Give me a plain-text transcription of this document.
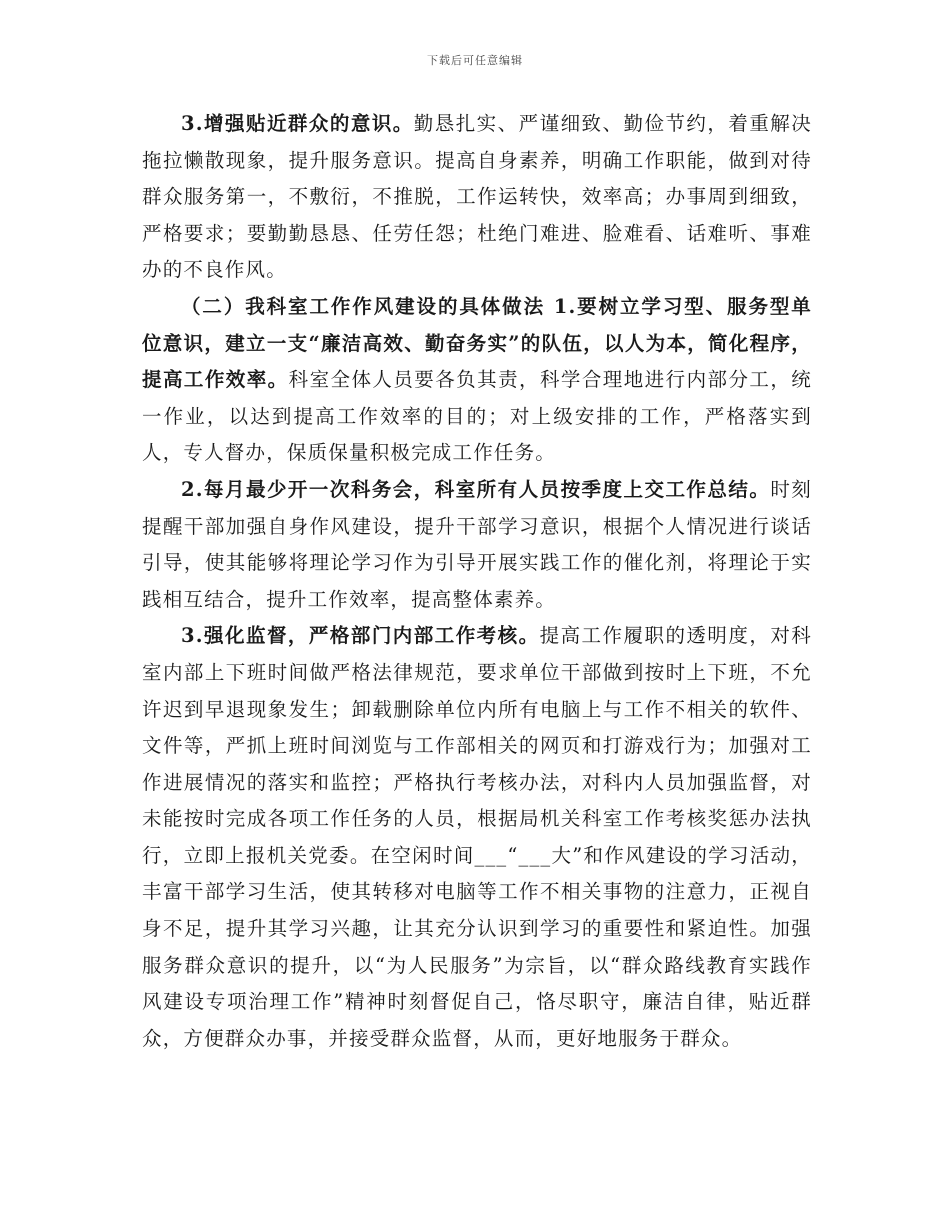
下载后可任意编辑

3.增强贴近群众的意识。勤恳扎实、严谨细致、勤俭节约，着重解决拖拉懒散现象，提升服务意识。提高自身素养，明确工作职能，做到对待群众服务第一，不敷衍，不推脱，工作运转快，效率高；办事周到细致，严格要求；要勤勤恳恳、任劳任怨；杜绝门难进、脸难看、话难听、事难办的不良作风。

（二）我科室工作作风建设的具体做法 1.要树立学习型、服务型单位意识，建立一支“廉洁高效、勤奋务实”的队伍，以人为本，简化程序，提高工作效率。科室全体人员要各负其责，科学合理地进行内部分工，统一作业，以达到提高工作效率的目的；对上级安排的工作，严格落实到人，专人督办，保质保量积极完成工作任务。

2.每月最少开一次科务会，科室所有人员按季度上交工作总结。时刻提醒干部加强自身作风建设，提升干部学习意识，根据个人情况进行谈话引导，使其能够将理论学习作为引导开展实践工作的催化剂，将理论于实践相互结合，提升工作效率，提高整体素养。

3.强化监督，严格部门内部工作考核。提高工作履职的透明度，对科室内部上下班时间做严格法律规范，要求单位干部做到按时上下班，不允许迟到早退现象发生；卸载删除单位内所有电脑上与工作不相关的软件、文件等，严抓上班时间浏览与工作部相关的网页和打游戏行为；加强对工作进展情况的落实和监控；严格执行考核办法，对科内人员加强监督，对未能按时完成各项工作任务的人员，根据局机关科室工作考核奖惩办法执行，立即上报机关党委。在空闲时间___“___大”和作风建设的学习活动，丰富干部学习生活，使其转移对电脑等工作不相关事物的注意力，正视自身不足，提升其学习兴趣，让其充分认识到学习的重要性和紧迫性。加强服务群众意识的提升，以“为人民服务”为宗旨，以“群众路线教育实践作风建设专项治理工作”精神时刻督促自己，恪尽职守，廉洁自律，贴近群众，方便群众办事，并接受群众监督，从而，更好地服务于群众。
